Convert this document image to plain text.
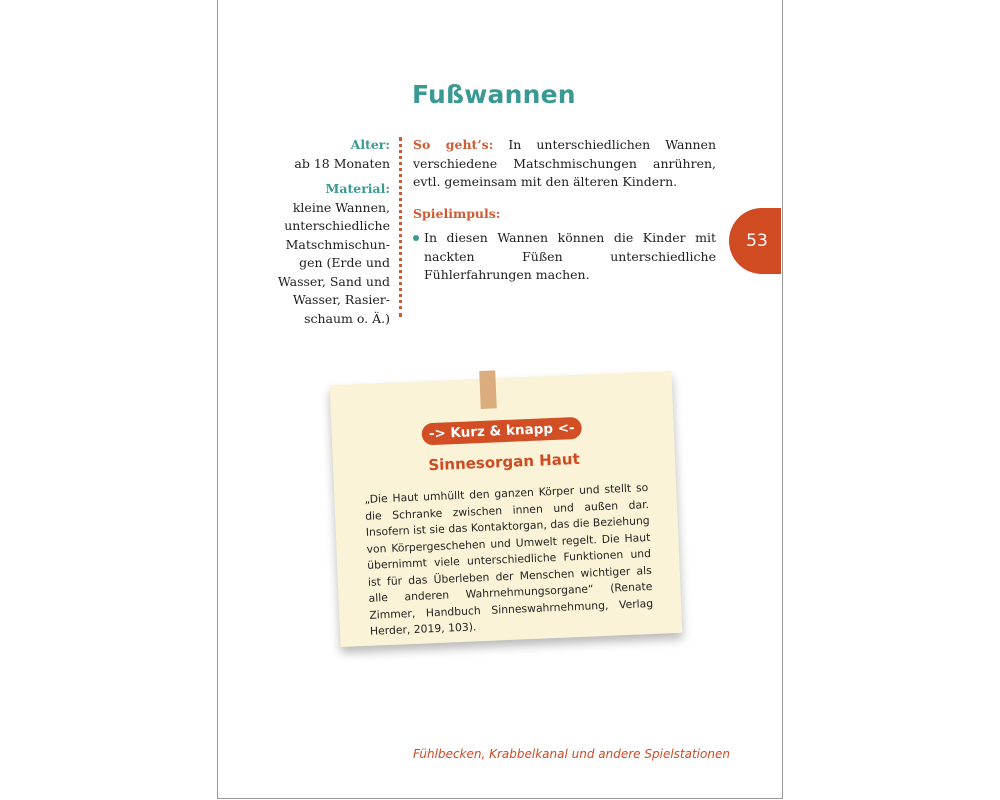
Fußwannen
Alter:
ab 18 Monaten
Material:
kleine Wannen,
unterschiedliche
Matschmischun-
gen (Erde und
Wasser, Sand und
Wasser, Rasier-
schaum o. Ä.)
So geht’s: In unterschiedlichen Wannen verschiedene Matschmischungen anrühren, evtl. gemeinsam mit den älteren Kindern.
Spielimpuls:
In diesen Wannen können die Kinder mit nackten Füßen unterschiedliche Fühlerfahrungen machen.
53
-> Kurz & knapp <-
Sinnesorgan Haut
„Die Haut umhüllt den ganzen Körper und stellt so die Schranke zwischen innen und außen dar. Insofern ist sie das Kontaktorgan, das die Beziehung von Körpergeschehen und Umwelt regelt. Die Haut übernimmt viele unterschiedliche Funktionen und ist für das Überleben der Menschen wichtiger als alle anderen Wahrnehmungsorgane“ (Renate Zimmer, Handbuch Sinneswahrnehmung, Verlag Herder, 2019, 103).
Fühlbecken, Krabbelkanal und andere Spielstationen
